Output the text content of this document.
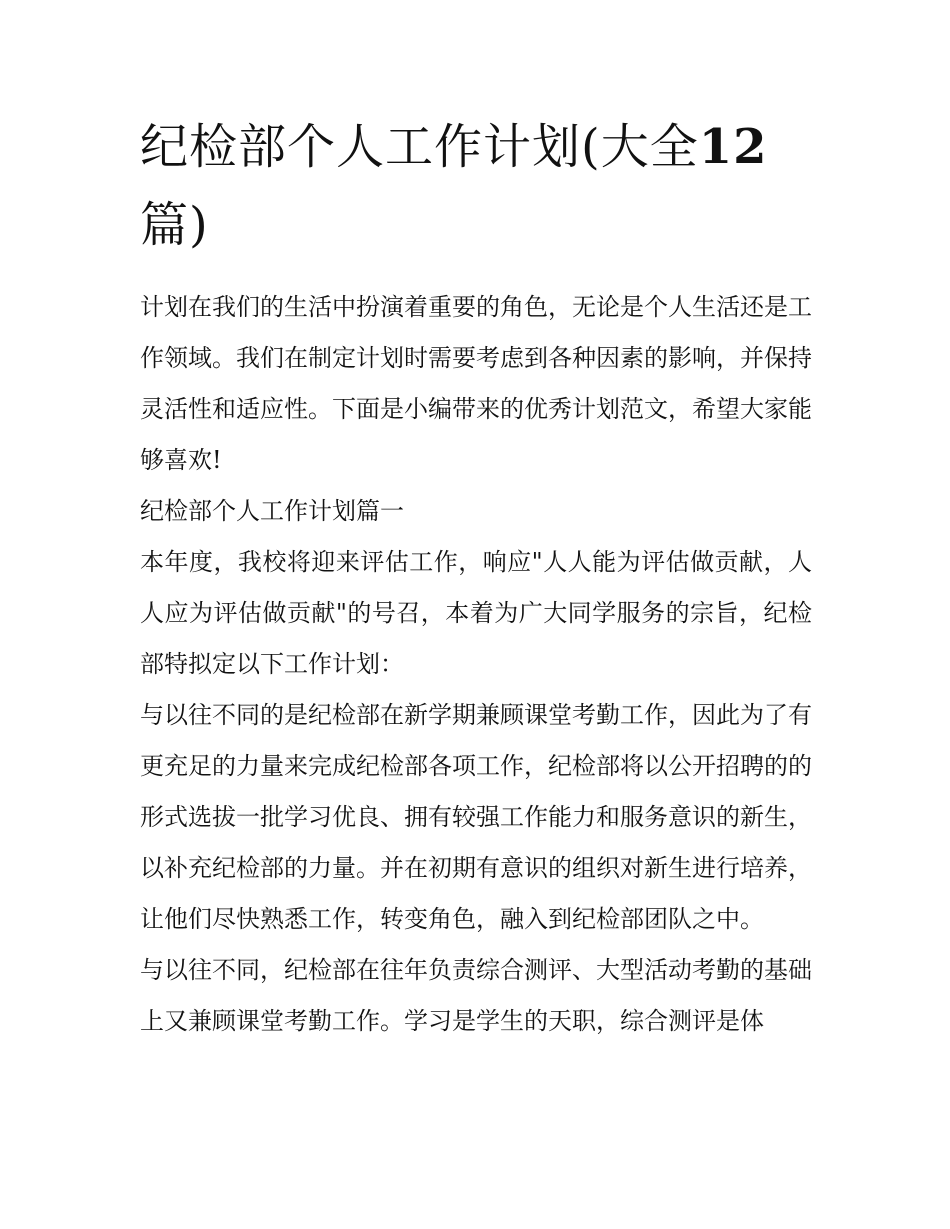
纪检部个人工作计划(大全12篇)

计划在我们的生活中扮演着重要的角色，无论是个人生活还是工作领域。我们在制定计划时需要考虑到各种因素的影响，并保持灵活性和适应性。下面是小编带来的优秀计划范文，希望大家能够喜欢!

纪检部个人工作计划篇一

本年度，我校将迎来评估工作，响应"人人能为评估做贡献，人人应为评估做贡献"的号召，本着为广大同学服务的宗旨，纪检部特拟定以下工作计划：

与以往不同的是纪检部在新学期兼顾课堂考勤工作，因此为了有更充足的力量来完成纪检部各项工作，纪检部将以公开招聘的的形式选拔一批学习优良、拥有较强工作能力和服务意识的新生，以补充纪检部的力量。并在初期有意识的组织对新生进行培养，让他们尽快熟悉工作，转变角色，融入到纪检部团队之中。

与以往不同，纪检部在往年负责综合测评、大型活动考勤的基础上又兼顾课堂考勤工作。学习是学生的天职，综合测评是体
